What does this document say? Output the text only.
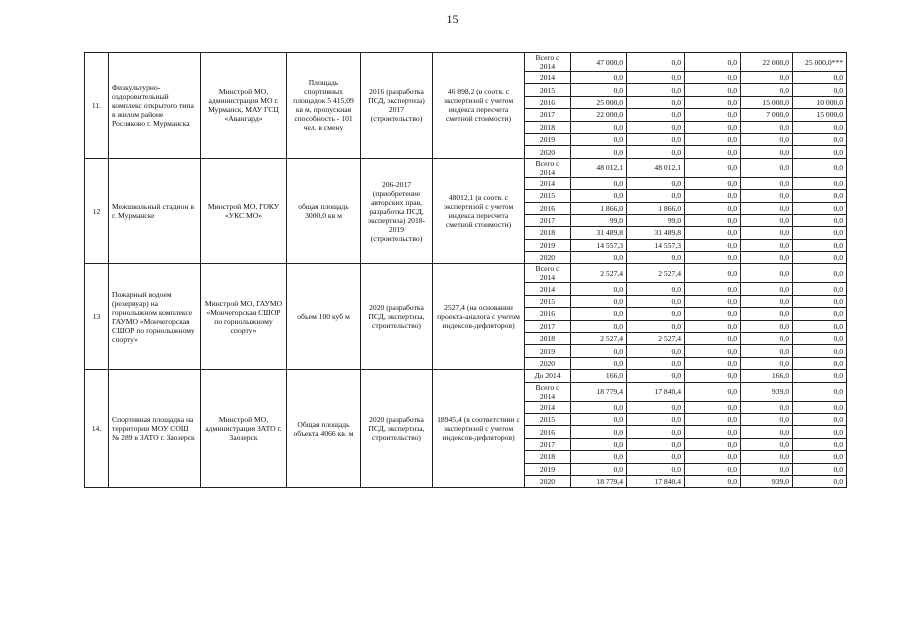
15
11.	Физкультурно-оздоровительный комплекс открытого типа в жилом районе Росляково г. Мурманска	Минстрой МО, администрация МО г. Мурманск, МАУ ГСЦ «Авангард»	Площадь спортивных площадок 5 415,09 кв м, пропускная способность - 101 чел. в смену	2016 (разработка ПСД, экспертиза) 2017 (строительство)	46 898,2 (в соотв. с экспертизой с учетом индекса пересчета сметной стоимости)	Всего с 2014	47 000,0	0,0	0,0	22 000,0	25 000,0***
						2014	0,0	0,0	0,0	0,0	0,0
						2015	0,0	0,0	0,0	0,0	0,0
						2016	25 000,0	0,0	0,0	15 000,0	10 000,0
						2017	22 000,0	0,0	0,0	7 000,0	15 000,0
						2018	0,0	0,0	0,0	0,0	0,0
						2019	0,0	0,0	0,0	0,0	0,0
						2020	0,0	0,0	0,0	0,0	0,0
12	Межшкольный стадион в г. Мурманске	Минстрой МО, ГОКУ «УКС МО»	общая площадь 3000,0 кв м	206-2017 (приобретение авторских прав, разработка ПСД, экспертиза) 2018-2019 (строительство)	48012,1 (в соотв. с экспертизой с учетом индекса пересчета сметной стоимости)	Всего с 2014	48 012,1	48 012,1	0,0	0,0	0,0
						2014	0,0	0,0	0,0	0,0	0,0
						2015	0,0	0,0	0,0	0,0	0,0
						2016	1 866,0	1 866,0	0,0	0,0	0,0
						2017	99,0	99,0	0,0	0,0	0,0
						2018	31 489,8	31 489,8	0,0	0,0	0,0
						2019	14 557,3	14 557,3	0,0	0,0	0,0
						2020	0,0	0,0	0,0	0,0	0,0
13	Пожарный водоем (резервуар) на горнолыжном комплексе ГАУМО «Мончегорская СШОР по горнолыжному спорту»	Минстрой МО, ГАУМО «Мончегорская СШОР по горнолыжному спорту»	объем 100 куб м	2020 (разработка ПСД, экспертиза, строительство)	2527,4 (на основании проекта-аналога с учетом индексов-дефляторов)	Всего с 2014	2 527,4	2 527,4	0,0	0,0	0,0
						2014	0,0	0,0	0,0	0,0	0,0
						2015	0,0	0,0	0,0	0,0	0,0
						2016	0,0	0,0	0,0	0,0	0,0
						2017	0,0	0,0	0,0	0,0	0,0
						2018	2 527,4	2 527,4	0,0	0,0	0,0
						2019	0,0	0,0	0,0	0,0	0,0
						2020	0,0	0,0	0,0	0,0	0,0
14.	Спортивная площадка на территории МОУ СОШ № 289 в ЗАТО г. Заозерск	Минстрой МО, администрация ЗАТО г. Заозерск	Общая площадь объекта 4066 кв. м	2020 (разработка ПСД, экспертиза, строительство)	18945,4 (в соответствии с экспертизой с учетом индексов-дефляторов)	До 2014	166,0	0,0	0,0	166,0	0,0
						Всего с 2014	18 779,4	17 840,4	0,0	939,0	0,0
						2014	0,0	0,0	0,0	0,0	0,0
						2015	0,0	0,0	0,0	0,0	0,0
						2016	0,0	0,0	0,0	0,0	0,0
						2017	0,0	0,0	0,0	0,0	0,0
						2018	0,0	0,0	0,0	0,0	0,0
						2019	0,0	0,0	0,0	0,0	0,0
						2020	18 779,4	17 840,4	0,0	939,0	0,0
